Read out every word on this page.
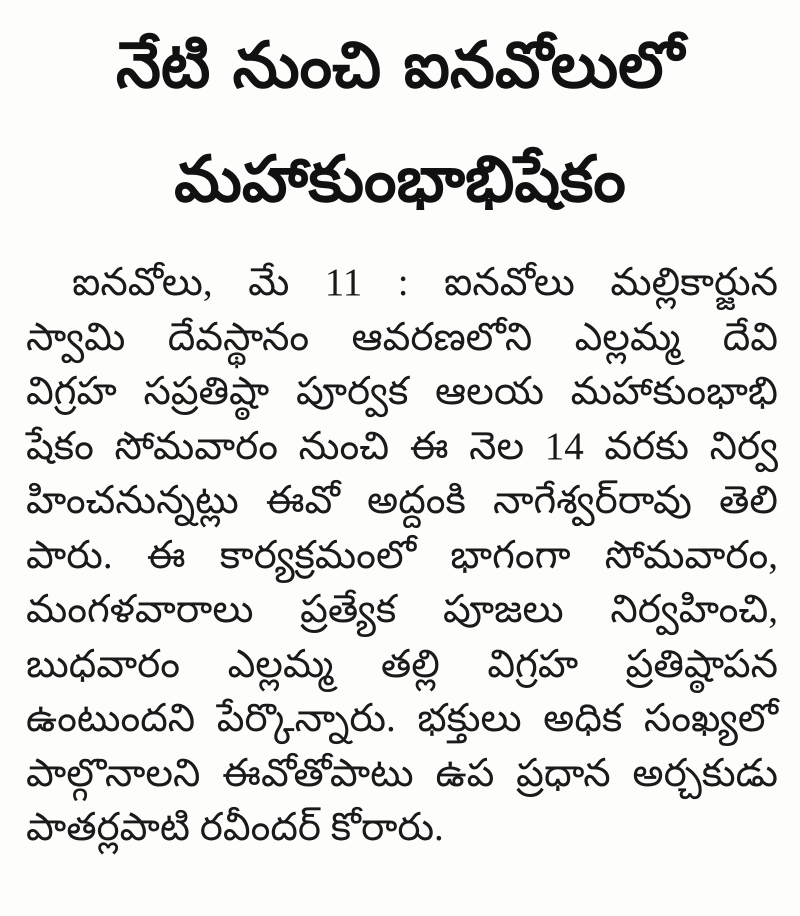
నేటి నుంచి ఐనవోలులో
మహాకుంభాభిషేకం
ఐనవోలు, మే 11 : ఐనవోలు మల్లికార్జున
స్వామి దేవస్థానం ఆవరణలోని ఎల్లమ్మ దేవి
విగ్రహ సప్రతిష్ఠా పూర్వక ఆలయ మహాకుంభాభి
షేకం సోమవారం నుంచి ఈ నెల 14 వరకు నిర్వ
హించనున్నట్లు ఈవో అద్దంకి నాగేశ్వర్‌రావు తెలి
పారు. ఈ కార్యక్రమంలో భాగంగా సోమవారం,
మంగళవారాలు ప్రత్యేక పూజలు నిర్వహించి,
బుధవారం ఎల్లమ్మ తల్లి విగ్రహ ప్రతిష్ఠాపన
ఉంటుందని పేర్కొన్నారు. భక్తులు అధిక సంఖ్యలో
పాల్గొనాలని ఈవోతోపాటు ఉప ప్రధాన అర్చకుడు
పాతర్లపాటి రవీందర్ కోరారు.
